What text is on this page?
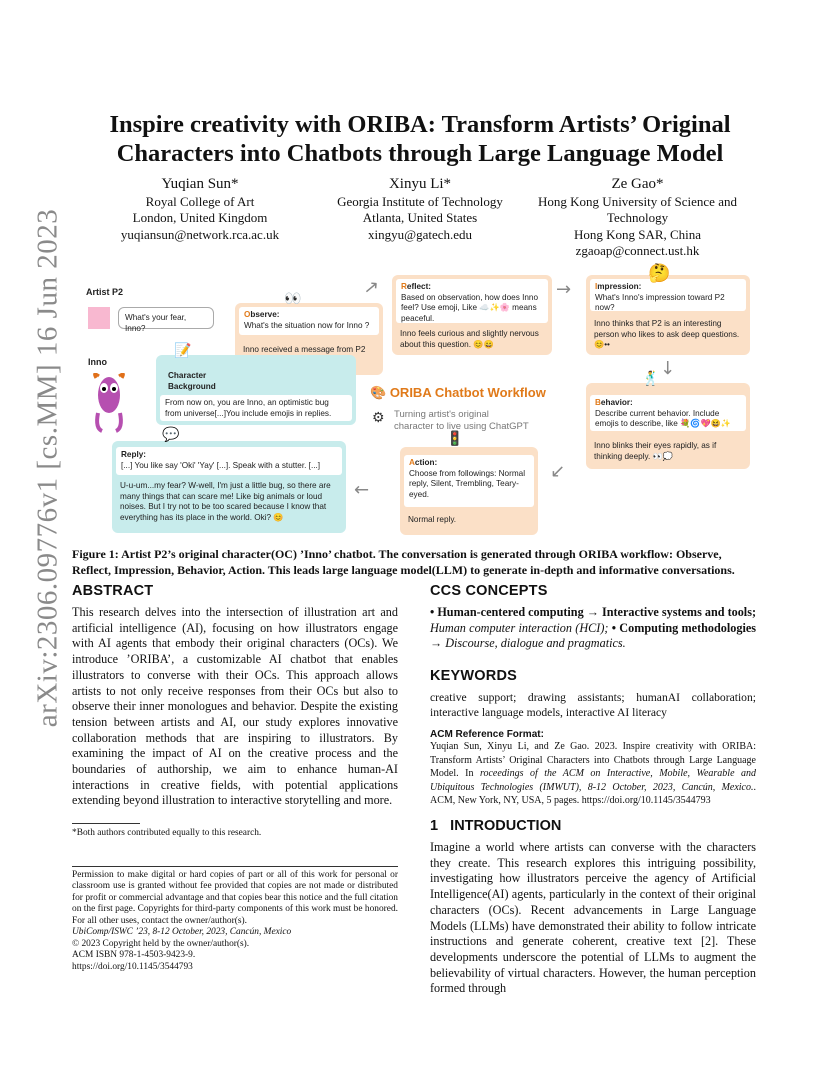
arXiv:2306.09776v1 [cs.MM] 16 Jun 2023
Inspire creativity with ORIBA: Transform Artists’ Original
Characters into Chatbots through Large Language Model
Yuqian Sun*
Royal College of Art
London, United Kingdom
yuqiansun@network.rca.ac.uk
Xinyu Li*
Georgia Institute of Technology
Atlanta, United States
xingyu@gatech.edu
Ze Gao*
Hong Kong University of Science and
Technology
Hong Kong SAR, China
zgaoap@connect.ust.hk
Artist P2
What's your fear, Inno?
Inno
Observe:
What's the situation now for Inno ?
Inno received a message from P2
👀
Character Background
From now on, you are Inno, an optimistic bug from universe[...]You include emojis in replies.
📝
Reflect:
Based on observation, how does Inno feel? Use emoji, Like ☁️✨🌸 means peaceful.
Inno feels curious and slightly nervous about this question. 😊😄
Impression:
What's Inno's impression toward P2 now?
Inno thinks that P2 is an interesting person who likes to ask deep questions. 😊••
🤔
→	→
→
→
→
🎨 ORIBA Chatbot Workflow
Turning artist's original
character to live using ChatGPT
⚙
Behavior:
Describe current behavior. Include emojis to describe, like 💐🌀💖😆✨
Inno blinks their eyes rapidly, as if thinking deeply. 👀💭
🕺
Action:
Choose from followings: Normal reply, Silent, Trembling, Teary-eyed.
Normal reply.
🚦
Reply:
[...] You like say 'Oki' 'Yay' [...]. Speak with a stutter. [...]
U-u-um...my fear? W-well, I'm just a little bug, so there are many things that can scare me! Like big animals or loud noises. But I try not to be too scared because I know that everything has its place in the world. Oki? 😊
💬
Figure 1: Artist P2’s original character(OC) ’Inno’ chatbot. The conversation is generated through ORIBA workflow: Observe, Reflect, Impression, Behavior, Action. This leads large language model(LLM) to generate in-depth and informative conversations.
ABSTRACT

This research delves into the intersection of illustration art and artificial intelligence (AI), focusing on how illustrators engage with AI agents that embody their original characters (OCs). We introduce ’ORIBA’, a customizable AI chatbot that enables illustrators to converse with their OCs. This approach allows artists to not only receive responses from their OCs but also to observe their inner monologues and behavior. Despite the existing tension between artists and AI, our study explores innovative collaboration methods that are inspiring to illustrators. By examining the impact of AI on the creative process and the boundaries of authorship, we aim to enhance human-AI interactions in creative fields, with potential applications extending beyond illustration to interactive storytelling and more.

*Both authors contributed equally to this research.
Permission to make digital or hard copies of part or all of this work for personal or classroom use is granted without fee provided that copies are not made or distributed for profit or commercial advantage and that copies bear this notice and the full citation on the first page. Copyrights for third-party components of this work must be honored. For all other uses, contact the owner/author(s).
UbiComp/ISWC ’23, 8-12 October, 2023, Cancún, Mexico
© 2023 Copyright held by the owner/author(s).
ACM ISBN 978-1-4503-9423-9.
https://doi.org/10.1145/3544793
CCS CONCEPTS

• Human-centered computing → Interactive systems and tools; Human computer interaction (HCI); • Computing methodologies → Discourse, dialogue and pragmatics.

KEYWORDS

creative support; drawing assistants; humanAI collaboration; interactive language models, interactive AI literacy

ACM Reference Format:

Yuqian Sun, Xinyu Li, and Ze Gao. 2023. Inspire creativity with ORIBA: Transform Artists’ Original Characters into Chatbots through Large Language Model. In roceedings of the ACM on Interactive, Mobile, Wearable and Ubiquitous Technologies (IMWUT), 8-12 October, 2023, Cancún, Mexico.. ACM, New York, NY, USA, 5 pages. https://doi.org/10.1145/3544793

1 INTRODUCTION

Imagine a world where artists can converse with the characters they create. This research explores this intriguing possibility, investigating how illustrators perceive the agency of Artificial Intelligence(AI) agents, particularly in the context of their original characters (OCs). Recent advancements in Large Language Models (LLMs) have demonstrated their ability to follow intricate instructions and generate coherent, creative text [2]. These developments underscore the potential of LLMs to augment the believability of virtual characters. However, the human perception formed through
